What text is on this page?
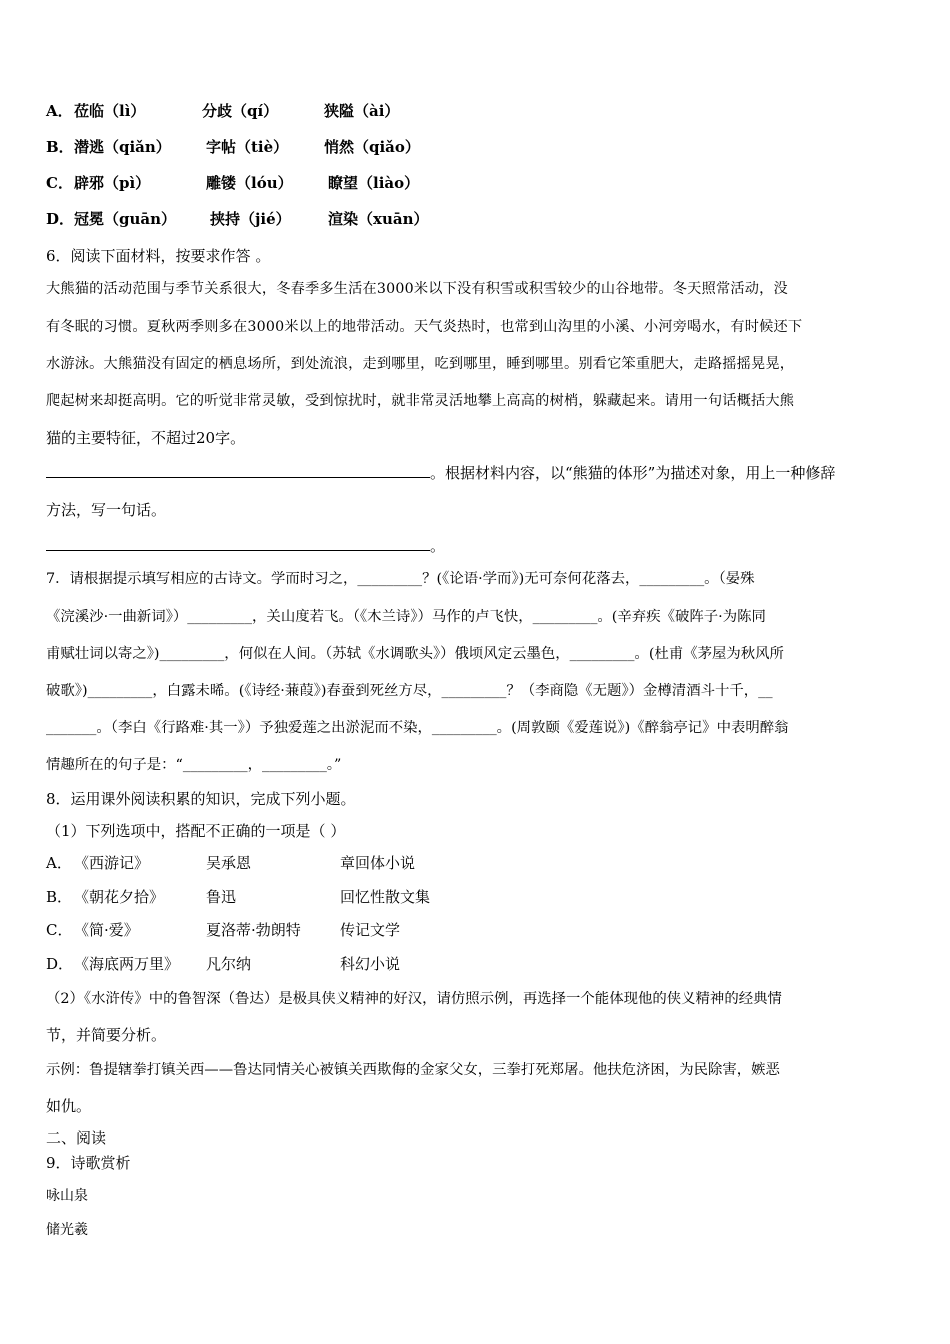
A． 莅临（lì）	分歧（qí）	狭隘（ài）
B． 潜逃（qiǎn） 字帖（tiè） 悄然（qiǎo）
C． 辟邪（pì）	雕镂（lóu） 瞭望（liào）
D． 冠冕（guān） 挟持（jié） 渲染（xuān）
6．阅读下面材料，按要求作答 。
大熊猫的活动范围与季节关系很大，冬春季多生活在3000米以下没有积雪或积雪较少的山谷地带。冬天照常活动，没
有冬眠的习惯。夏秋两季则多在3000米以上的地带活动。天气炎热时，也常到山沟里的小溪、小河旁喝水，有时候还下
水游泳。大熊猫没有固定的栖息场所，到处流浪，走到哪里，吃到哪里，睡到哪里。别看它笨重肥大，走路摇摇晃晃，
爬起树来却挺高明。它的听觉非常灵敏，受到惊扰时，就非常灵活地攀上高高的树梢，躲藏起来。请用一句话概括大熊
猫的主要特征，不超过20字。
。根据材料内容，以“熊猫的体形”为描述对象，用上一种修辞
方法，写一句话。
。
7．请根据提示填写相应的古诗文。学而时习之，_________？(《论语·学而》)无可奈何花落去，_________。（晏殊
《浣溪沙·一曲新词》）_________，关山度若飞。（《木兰诗》）马作的卢飞快，_________。(辛弃疾《破阵子·为陈同
甫赋壮词以寄之》)_________，何似在人间。（苏轼《水调歌头》）俄顷风定云墨色，_________。(杜甫《茅屋为秋风所
破歌》)_________，白露未晞。(《诗经·蒹葭》)春蚕到死丝方尽，_________？（李商隐《无题》）金樽清酒斗十千，__
_______。（李白《行路难·其一》）予独爱莲之出淤泥而不染，_________。(周敦颐《爱莲说》)《醉翁亭记》中表明醉翁
情趣所在的句子是：“_________，_________。”
8．运用课外阅读积累的知识，完成下列小题。
（1）下列选项中，搭配不正确的一项是（ ）
A． 《西游记》	吴承恩	章回体小说
B． 《朝花夕拾》	鲁迅	回忆性散文集
C． 《简·爱》	夏洛蒂·勃朗特	传记文学
D． 《海底两万里》 凡尔纳	科幻小说
（2）《水浒传》中的鲁智深（鲁达）是极具侠义精神的好汉，请仿照示例，再选择一个能体现他的侠义精神的经典情
节，并简要分析。
示例：鲁提辖拳打镇关西——鲁达同情关心被镇关西欺侮的金家父女，三拳打死郑屠。他扶危济困，为民除害，嫉恶
如仇。
二、阅读
9．诗歌赏析
咏山泉
储光羲
